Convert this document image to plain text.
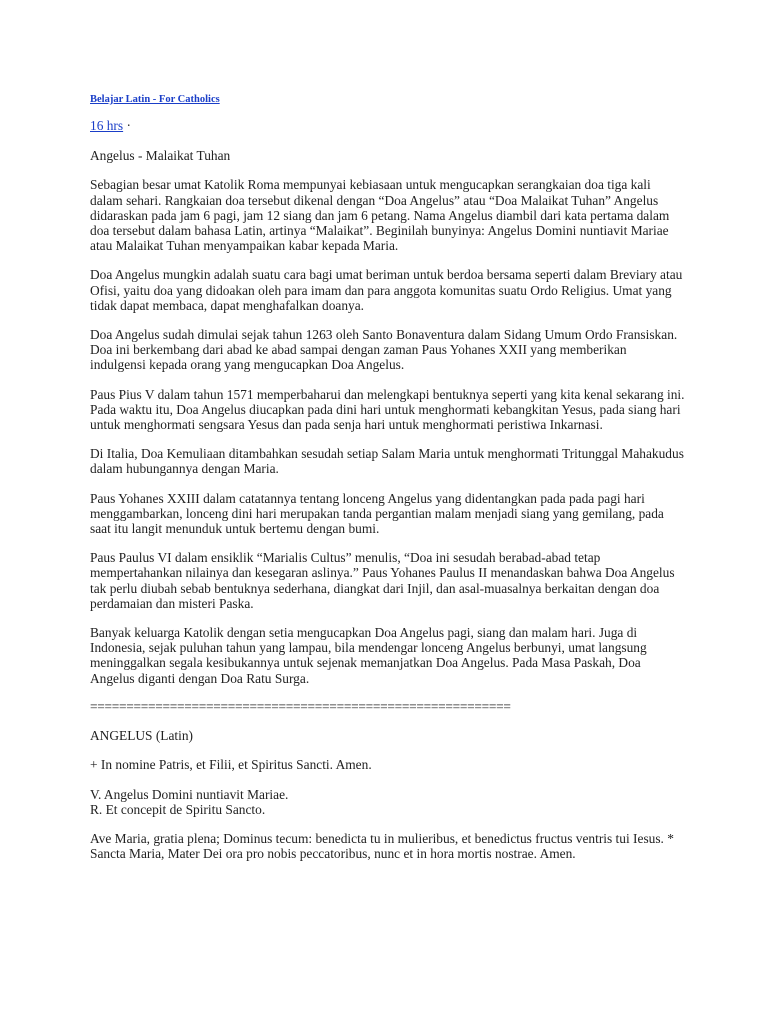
Belajar Latin - For Catholics
16 hrs ·
Angelus - Malaikat Tuhan

Sebagian besar umat Katolik Roma mempunyai kebiasaan untuk mengucapkan serangkaian doa tiga kali dalam sehari. Rangkaian doa tersebut dikenal dengan “Doa Angelus” atau “Doa Malaikat Tuhan” Angelus didaraskan pada jam 6 pagi, jam 12 siang dan jam 6 petang. Nama Angelus diambil dari kata pertama dalam doa tersebut dalam bahasa Latin, artinya “Malaikat”. Beginilah bunyinya: Angelus Domini nuntiavit Mariae atau Malaikat Tuhan menyampaikan kabar kepada Maria.

Doa Angelus mungkin adalah suatu cara bagi umat beriman untuk berdoa bersama seperti dalam Breviary atau Ofisi, yaitu doa yang didoakan oleh para imam dan para anggota komunitas suatu Ordo Religius. Umat yang tidak dapat membaca, dapat menghafalkan doanya.

Doa Angelus sudah dimulai sejak tahun 1263 oleh Santo Bonaventura dalam Sidang Umum Ordo Fransiskan. Doa ini berkembang dari abad ke abad sampai dengan zaman Paus Yohanes XXII yang memberikan indulgensi kepada orang yang mengucapkan Doa Angelus.

Paus Pius V dalam tahun 1571 memperbaharui dan melengkapi bentuknya seperti yang kita kenal sekarang ini. Pada waktu itu, Doa Angelus diucapkan pada dini hari untuk menghormati kebangkitan Yesus, pada siang hari untuk menghormati sengsara Yesus dan pada senja hari untuk menghormati peristiwa Inkarnasi.

Di Italia, Doa Kemuliaan ditambahkan sesudah setiap Salam Maria untuk menghormati Tritunggal Mahakudus dalam hubungannya dengan Maria.

Paus Yohanes XXIII dalam catatannya tentang lonceng Angelus yang didentangkan pada pada pagi hari menggambarkan, lonceng dini hari merupakan tanda pergantian malam menjadi siang yang gemilang, pada saat itu langit menunduk untuk bertemu dengan bumi.

Paus Paulus VI dalam ensiklik “Marialis Cultus” menulis, “Doa ini sesudah berabad-abad tetap mempertahankan nilainya dan kesegaran aslinya.” Paus Yohanes Paulus II menandaskan bahwa Doa Angelus tak perlu diubah sebab bentuknya sederhana, diangkat dari Injil, dan asal-muasalnya berkaitan dengan doa perdamaian dan misteri Paska.

Banyak keluarga Katolik dengan setia mengucapkan Doa Angelus pagi, siang dan malam hari. Juga di Indonesia, sejak puluhan tahun yang lampau, bila mendengar lonceng Angelus berbunyi, umat langsung meninggalkan segala kesibukannya untuk sejenak memanjatkan Doa Angelus. Pada Masa Paskah, Doa Angelus diganti dengan Doa Ratu Surga.

==========================================================

ANGELUS (Latin)

+ In nomine Patris, et Filii, et Spiritus Sancti. Amen.

V. Angelus Domini nuntiavit Mariae.
R. Et concepit de Spiritu Sancto.

Ave Maria, gratia plena; Dominus tecum: benedicta tu in mulieribus, et benedictus fructus ventris tui Iesus. * Sancta Maria, Mater Dei ora pro nobis peccatoribus, nunc et in hora mortis nostrae. Amen.
